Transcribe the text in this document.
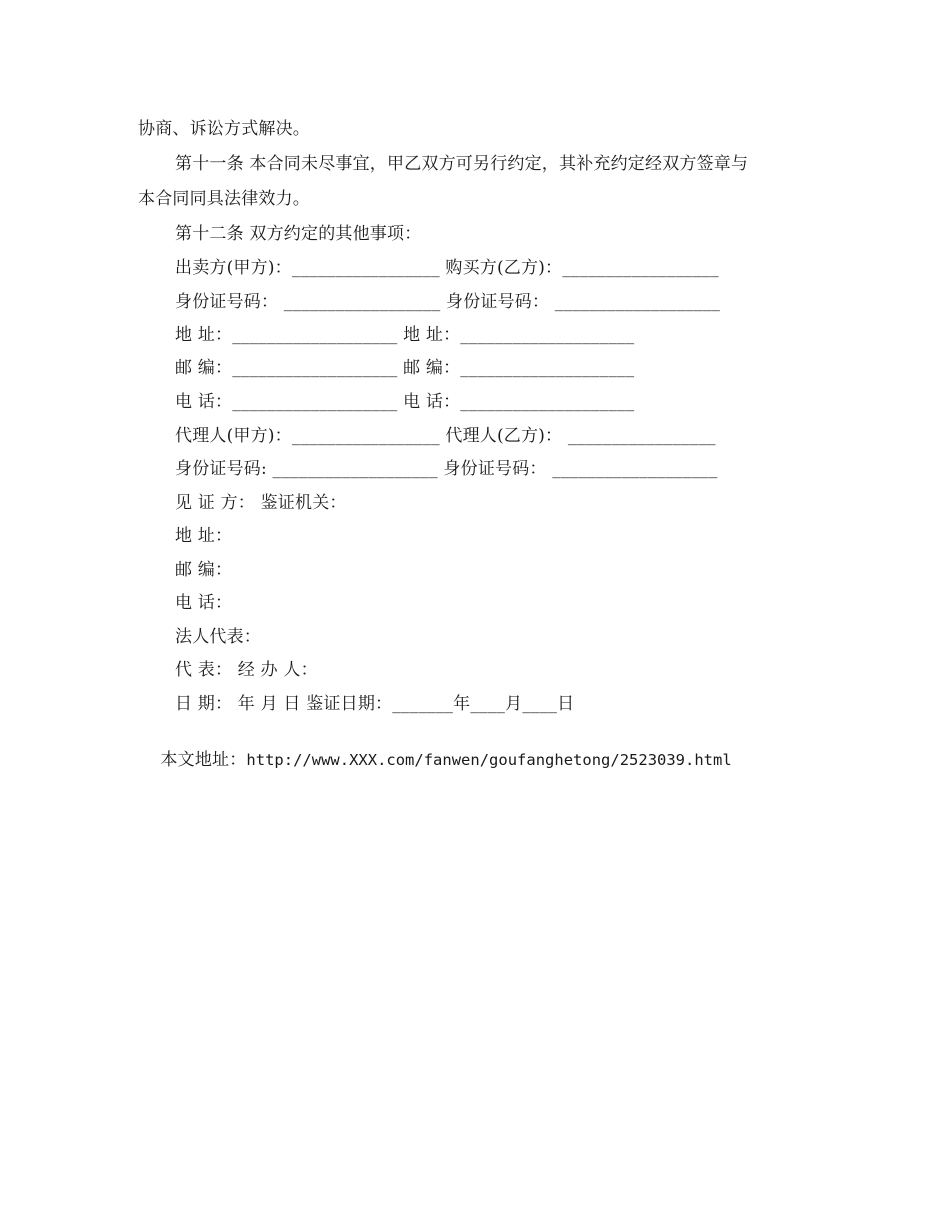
协商、诉讼方式解决。
第十一条 本合同未尽事宜，甲乙双方可另行约定，其补充约定经双方签章与
本合同同具法律效力。
第十二条 双方约定的其他事项：
出卖方(甲方)：_________________ 购买方(乙方)：__________________
身份证号码： __________________ 身份证号码： ___________________
地 址：___________________ 地 址：____________________
邮 编：___________________ 邮 编：____________________
电 话：___________________ 电 话：____________________
代理人(甲方)：_________________ 代理人(乙方)： _________________
身份证号码: ___________________ 身份证号码： ___________________
见 证 方： 鉴证机关：
地 址：
邮 编：
电 话：
法人代表：
代 表： 经 办 人：
日 期： 年 月 日 鉴证日期：_______年____月____日

本文地址：http://www.XXX.com/fanwen/goufanghetong/2523039.html
